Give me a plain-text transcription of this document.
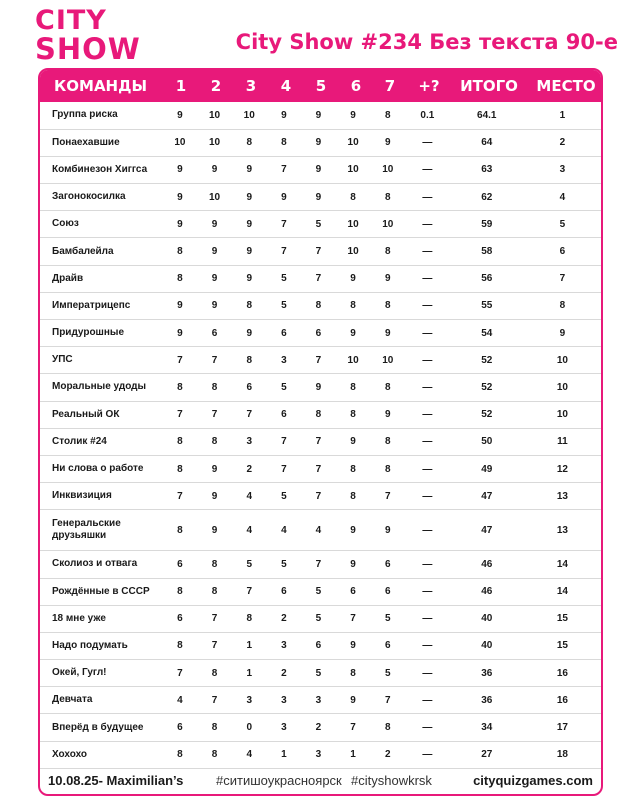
CITY
SHOW	City Show #234 Без текста 90-е
КОМАНДЫ 1 2 3 4 5 6 7 +? ИТОГО МЕСТО
Группа риска	9	10	10	9	9	9	8	0.1	64.1	1
Понаехавшие	10	10	8	8	9	10	9	—	64	2
Комбинезон Хиггса	9	9	9	7	9	10	10	—	63	3
Загонокосилка	9	10	9	9	9	8	8	—	62	4
Союз	9	9	9	7	5	10	10	—	59	5
Бамбалейла	8	9	9	7	7	10	8	—	58	6
Драйв	8	9	9	5	7	9	9	—	56	7
Императрицепс	9	9	8	5	8	8	8	—	55	8
Придурошные	9	6	9	6	6	9	9	—	54	9
УПС	7	7	8	3	7	10	10	—	52	10
Моральные удоды	8	8	6	5	9	8	8	—	52	10
Реальный ОК	7	7	7	6	8	8	9	—	52	10
Столик #24	8	8	3	7	7	9	8	—	50	11
Ни слова о работе	8	9	2	7	7	8	8	—	49	12
Инквизиция	7	9	4	5	7	8	7	—	47	13
Генеральские друзьяшки	8	9	4	4	4	9	9	—	47	13
Сколиоз и отвага	6	8	5	5	7	9	6	—	46	14
Рождённые в СССР	8	8	7	6	5	6	6	—	46	14
18 мне уже	6	7	8	2	5	7	5	—	40	15
Надо подумать	8	7	1	3	6	9	6	—	40	15
Окей, Гугл!	7	8	1	2	5	8	5	—	36	16
Девчата	4	7	3	3	3	9	7	—	36	16
Вперёд в будущее	6	8	0	3	2	7	8	—	34	17
Хохохо	8	8	4	1	3	1	2	—	27	18
10.08.25- Maximilian’s	#ситишоукрасноярск #cityshowkrsk	cityquizgames.com
